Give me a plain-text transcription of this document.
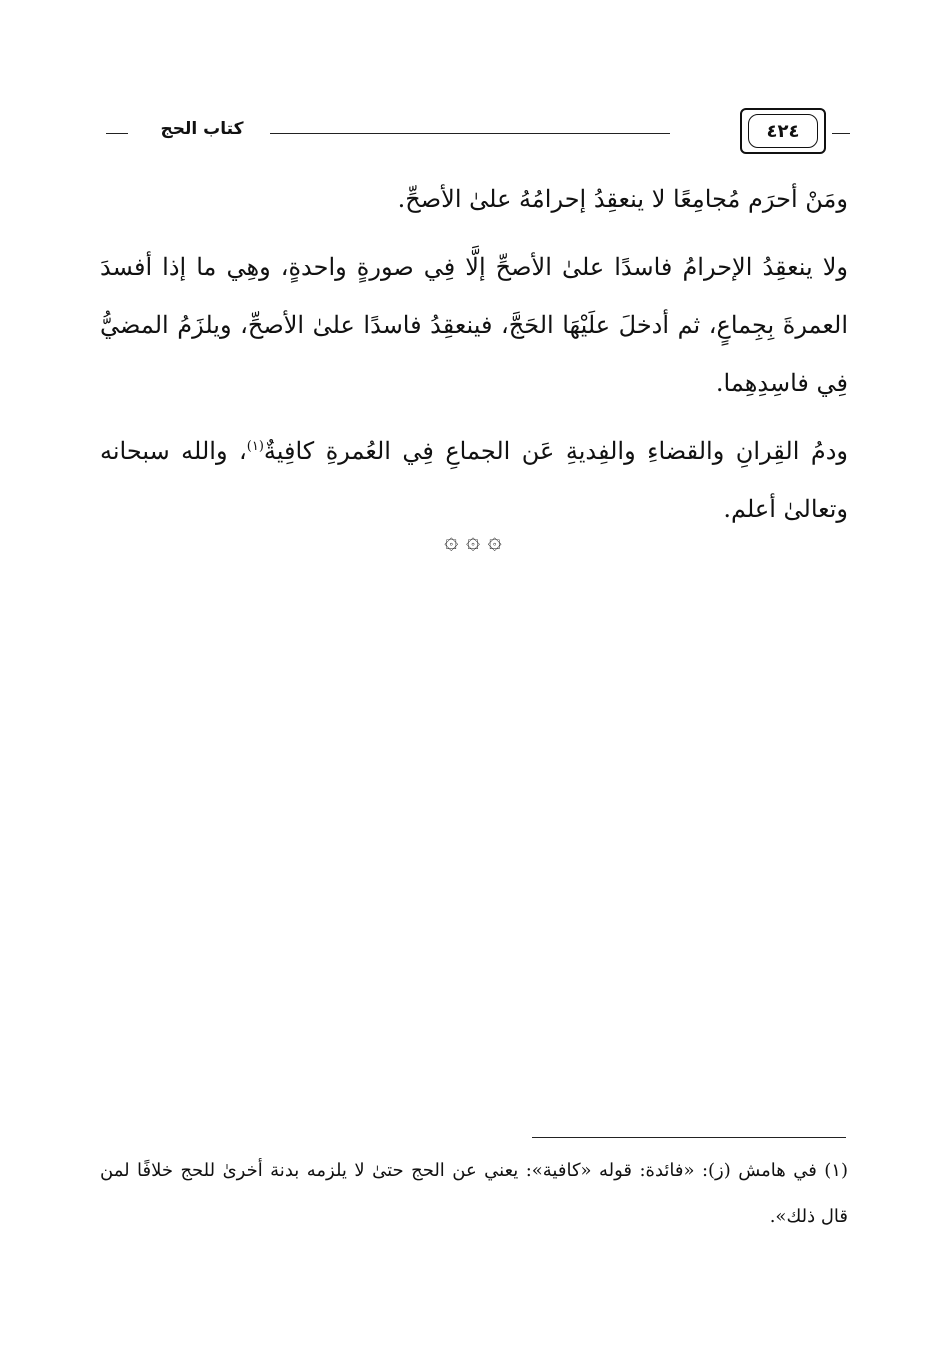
كتاب الحج	٤٢٤

ومَنْ أحرَم مُجامِعًا لا ينعقِدُ إحرامُهُ علىٰ الأصحِّ.

ولا ينعقِدُ الإحرامُ فاسدًا علىٰ الأصحِّ إلَّا فِي صورةٍ واحدةٍ، وهِي ما إذا أفسدَ العمرةَ بِجِماعٍ، ثم أدخلَ علَيْهَا الحَجَّ، فينعقِدُ فاسدًا علىٰ الأصحِّ، ويلزَمُ المضيُّ فِي فاسِدِهِما.

ودمُ القِرانِ والقضاءِ والفِديةِ عَن الجماعِ فِي العُمرةِ كافِيةٌ$^{(١)}$، والله سبحانه وتعالىٰ أعلم.

۞ ۞ ۞

(١) في هامش (ز): «فائدة: قوله «كافية»: يعني عن الحج حتىٰ لا يلزمه بدنة أخرىٰ للحج خلافًا لمن قال ذلك».
